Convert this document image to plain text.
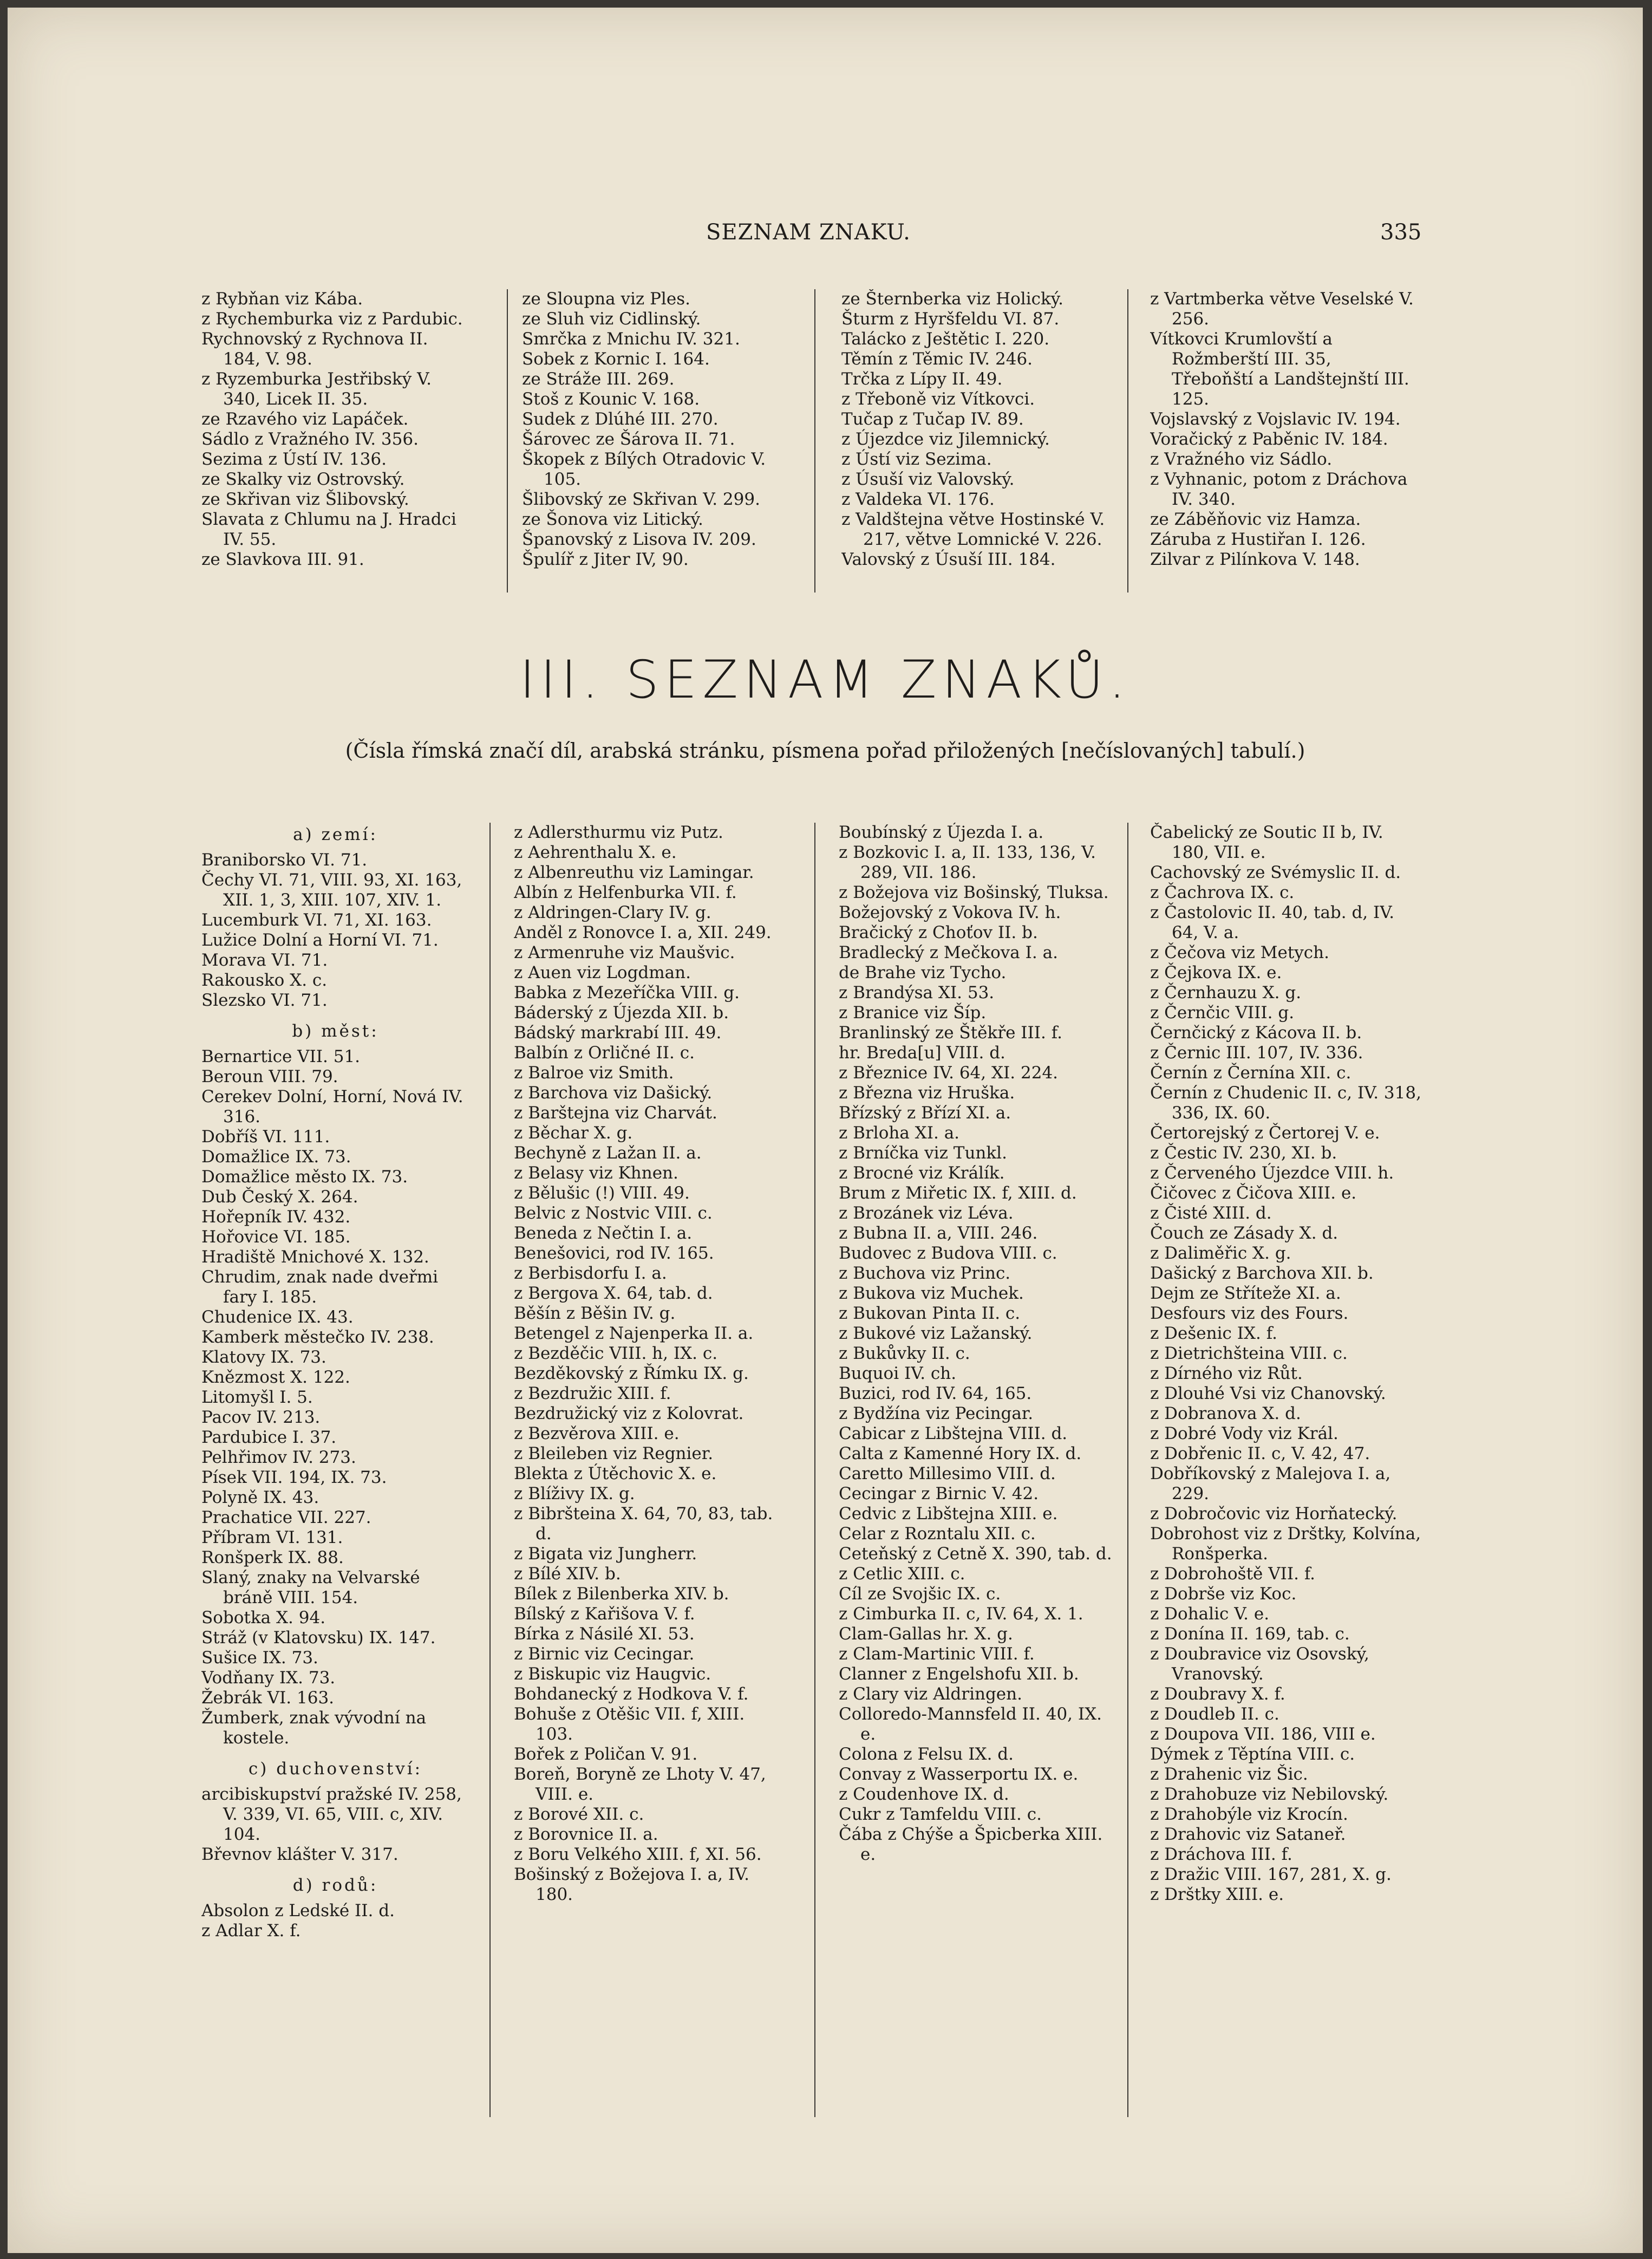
SEZNAM ZNAKU.	335
z Rybňan viz Kába.
z Rychemburka viz z Pardubic.
Rychnovský z Rychnova II. 184, V. 98.
z Ryzemburka Jestřibský V. 340, Licek II. 35.
ze Rzavého viz Lapáček.
Sádlo z Vražného IV. 356.
Sezima z Ústí IV. 136.
ze Skalky viz Ostrovský.
ze Skřivan viz Šlibovský.
Slavata z Chlumu na J. Hradci IV. 55.
ze Slavkova III. 91.
ze Sloupna viz Ples.
ze Sluh viz Cidlinský.
Smrčka z Mnichu IV. 321.
Sobek z Kornic I. 164.
ze Stráže III. 269.
Stoš z Kounic V. 168.
Sudek z Dlúhé III. 270.
Šárovec ze Šárova II. 71.
Škopek z Bílých Otradovic V. 105.
Šlibovský ze Skřivan V. 299.
ze Šonova viz Litický.
Španovský z Lisova IV. 209.
Špulíř z Jiter IV, 90.
ze Šternberka viz Holický.
Šturm z Hyršfeldu VI. 87.
Talácko z Ještětic I. 220.
Těmín z Těmic IV. 246.
Trčka z Lípy II. 49.
z Třeboně viz Vítkovci.
Tučap z Tučap IV. 89.
z Újezdce viz Jilemnický.
z Ústí viz Sezima.
z Úsuší viz Valovský.
z Valdeka VI. 176.
z Valdštejna větve Hostinské V. 217, větve Lomnické V. 226.
Valovský z Úsuší III. 184.
z Vartmberka větve Veselské V. 256.
Vítkovci Krumlovští a Rožmberští III. 35, Třeboňští a Landštejnští III. 125.
Vojslavský z Vojslavic IV. 194.
Voračický z Paběnic IV. 184.
z Vražného viz Sádlo.
z Vyhnanic, potom z Dráchova IV. 340.
ze Záběňovic viz Hamza.
Záruba z Hustiřan I. 126.
Zilvar z Pilínkova V. 148.
III. SEZNAM ZNAKŮ.
(Čísla římská značí díl, arabská stránku, písmena pořad přiložených [nečíslovaných] tabulí.)
a) zemí:
Braniborsko VI. 71.
Čechy VI. 71, VIII. 93, XI. 163, XII. 1, 3, XIII. 107, XIV. 1.
Lucemburk VI. 71, XI. 163.
Lužice Dolní a Horní VI. 71.
Morava VI. 71.
Rakousko X. c.
Slezsko VI. 71.
b) měst:
Bernartice VII. 51.
Beroun VIII. 79.
Cerekev Dolní, Horní, Nová IV. 316.
Dobříš VI. 111.
Domažlice IX. 73.
Domažlice město IX. 73.
Dub Český X. 264.
Hořepník IV. 432.
Hořovice VI. 185.
Hradiště Mnichové X. 132.
Chrudim, znak nade dveřmi fary I. 185.
Chudenice IX. 43.
Kamberk městečko IV. 238.
Klatovy IX. 73.
Knězmost X. 122.
Litomyšl I. 5.
Pacov IV. 213.
Pardubice I. 37.
Pelhřimov IV. 273.
Písek VII. 194, IX. 73.
Polyně IX. 43.
Prachatice VII. 227.
Příbram VI. 131.
Ronšperk IX. 88.
Slaný, znaky na Velvarské bráně VIII. 154.
Sobotka X. 94.
Stráž (v Klatovsku) IX. 147.
Sušice IX. 73.
Vodňany IX. 73.
Žebrák VI. 163.
Žumberk, znak vývodní na kostele.
c) duchovenství:
arcibiskupství pražské IV. 258, V. 339, VI. 65, VIII. c, XIV. 104.
Břevnov klášter V. 317.
d) rodů:
Absolon z Ledské II. d.
z Adlar X. f.
z Adlersthurmu viz Putz.
z Aehrenthalu X. e.
z Albenreuthu viz Lamingar.
Albín z Helfenburka VII. f.
z Aldringen-Clary IV. g.
Anděl z Ronovce I. a, XII. 249.
z Armenruhe viz Maušvic.
z Auen viz Logdman.
Babka z Mezeříčka VIII. g.
Báderský z Újezda XII. b.
Bádský markrabí III. 49.
Balbín z Orličné II. c.
z Balroe viz Smith.
z Barchova viz Dašický.
z Barštejna viz Charvát.
z Běchar X. g.
Bechyně z Lažan II. a.
z Belasy viz Khnen.
z Bělušic (!) VIII. 49.
Belvic z Nostvic VIII. c.
Beneda z Nečtin I. a.
Benešovici, rod IV. 165.
z Berbisdorfu I. a.
z Bergova X. 64, tab. d.
Běšín z Běšin IV. g.
Betengel z Najenperka II. a.
z Bezděčic VIII. h, IX. c.
Bezděkovský z Římku IX. g.
z Bezdružic XIII. f.
Bezdružický viz z Kolovrat.
z Bezvěrova XIII. e.
z Bleileben viz Regnier.
Blekta z Útěchovic X. e.
z Blíživy IX. g.
z Bibršteina X. 64, 70, 83, tab. d.
z Bigata viz Jungherr.
z Bílé XIV. b.
Bílek z Bilenberka XIV. b.
Bílský z Kařišova V. f.
Bírka z Násilé XI. 53.
z Birnic viz Cecingar.
z Biskupic viz Haugvic.
Bohdanecký z Hodkova V. f.
Bohuše z Otěšic VII. f, XIII. 103.
Bořek z Poličan V. 91.
Boreň, Boryně ze Lhoty V. 47, VIII. e.
z Borové XII. c.
z Borovnice II. a.
z Boru Velkého XIII. f, XI. 56.
Bošinský z Božejova I. a, IV. 180.
Boubínský z Újezda I. a.
z Bozkovic I. a, II. 133, 136, V. 289, VII. 186.
z Božejova viz Bošinský, Tluksa.
Božejovský z Vokova IV. h.
Bračický z Choťov II. b.
Bradlecký z Mečkova I. a.
de Brahe viz Tycho.
z Brandýsa XI. 53.
z Branice viz Šíp.
Branlinský ze Štěkře III. f.
hr. Breda[u] VIII. d.
z Březnice IV. 64, XI. 224.
z Března viz Hruška.
Břízský z Břízí XI. a.
z Brloha XI. a.
z Brníčka viz Tunkl.
z Brocné viz Králík.
Brum z Miřetic IX. f, XIII. d.
z Brozánek viz Léva.
z Bubna II. a, VIII. 246.
Budovec z Budova VIII. c.
z Buchova viz Princ.
z Bukova viz Muchek.
z Bukovan Pinta II. c.
z Bukové viz Lažanský.
z Bukůvky II. c.
Buquoi IV. ch.
Buzici, rod IV. 64, 165.
z Bydžína viz Pecingar.
Cabicar z Libštejna VIII. d.
Calta z Kamenné Hory IX. d.
Caretto Millesimo VIII. d.
Cecingar z Birnic V. 42.
Cedvic z Libštejna XIII. e.
Celar z Rozntalu XII. c.
Ceteňský z Cetně X. 390, tab. d.
z Cetlic XIII. c.
Cíl ze Svojšic IX. c.
z Cimburka II. c, IV. 64, X. 1.
Clam-Gallas hr. X. g.
z Clam-Martinic VIII. f.
Clanner z Engelshofu XII. b.
z Clary viz Aldringen.
Colloredo-Mannsfeld II. 40, IX. e.
Colona z Felsu IX. d.
Convay z Wasserportu IX. e.
z Coudenhove IX. d.
Cukr z Tamfeldu VIII. c.
Čába z Chýše a Špicberka XIII. e.
Čabelický ze Soutic II b, IV. 180, VII. e.
Cachovský ze Svémyslic II. d.
z Čachrova IX. c.
z Častolovic II. 40, tab. d, IV. 64, V. a.
z Čečova viz Metych.
z Čejkova IX. e.
z Černhauzu X. g.
z Černčic VIII. g.
Černčický z Kácova II. b.
z Černic III. 107, IV. 336.
Černín z Černína XII. c.
Černín z Chudenic II. c, IV. 318, 336, IX. 60.
Čertorejský z Čertorej V. e.
z Čestic IV. 230, XI. b.
z Červeného Újezdce VIII. h.
Čičovec z Čičova XIII. e.
z Čisté XIII. d.
Čouch ze Zásady X. d.
z Daliměřic X. g.
Dašický z Barchova XII. b.
Dejm ze Stříteže XI. a.
Desfours viz des Fours.
z Dešenic IX. f.
z Dietrichšteina VIII. c.
z Dírného viz Růt.
z Dlouhé Vsi viz Chanovský.
z Dobranova X. d.
z Dobré Vody viz Král.
z Dobřenic II. c, V. 42, 47.
Dobříkovský z Malejova I. a, 229.
z Dobročovic viz Horňatecký.
Dobrohost viz z Drštky, Kolvína, Ronšperka.
z Dobrohoště VII. f.
z Dobrše viz Koc.
z Dohalic V. e.
z Donína II. 169, tab. c.
z Doubravice viz Osovský, Vranovský.
z Doubravy X. f.
z Doudleb II. c.
z Doupova VII. 186, VIII e.
Dýmek z Těptína VIII. c.
z Drahenic viz Šic.
z Drahobuze viz Nebilovský.
z Drahobýle viz Krocín.
z Drahovic viz Sataneř.
z Dráchova III. f.
z Dražic VIII. 167, 281, X. g.
z Drštky XIII. e.
